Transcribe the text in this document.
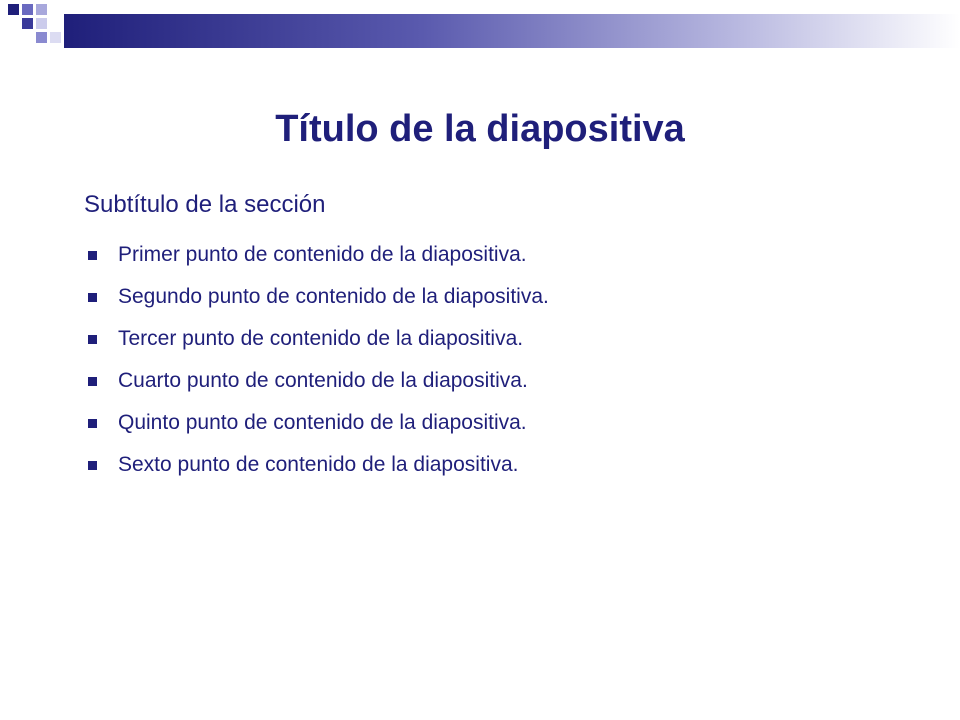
Título de la diapositiva
Subtítulo de la sección
Primer punto de contenido de la diapositiva.
Segundo punto de contenido de la diapositiva.
Tercer punto de contenido de la diapositiva.
Cuarto punto de contenido de la diapositiva.
Quinto punto de contenido de la diapositiva.
Sexto punto de contenido de la diapositiva.
